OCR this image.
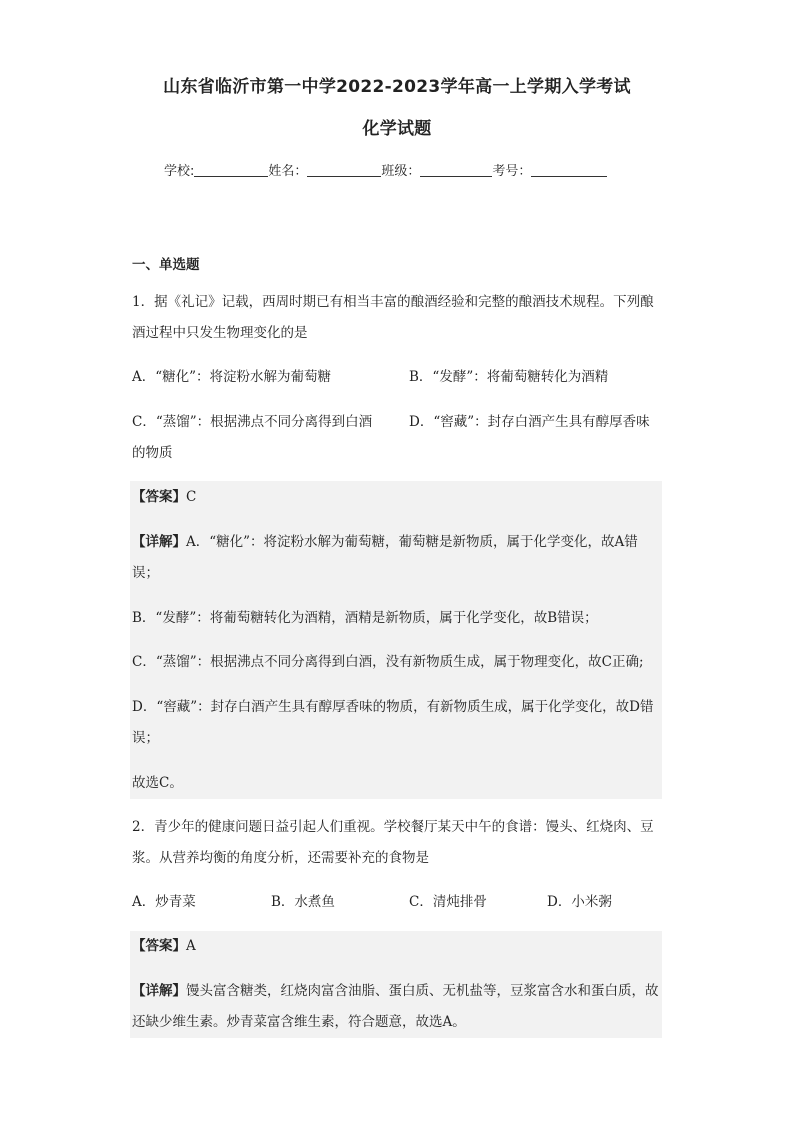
山东省临沂市第一中学2022-2023学年高一上学期入学考试
化学试题
学校:	姓名：	班级：	考号：
一、单选题

1．据《礼记》记载，西周时期已有相当丰富的酿酒经验和完整的酿酒技术规程。下列酿酒过程中只发生物理变化的是

A．“糖化”：将淀粉水解为葡萄糖	B．“发酵”：将葡萄糖转化为酒精
C．“蒸馏”：根据沸点不同分离得到白酒	D．“窖藏”：封存白酒产生具有醇厚香味的物质

【答案】C

【详解】A．“糖化”：将淀粉水解为葡萄糖，葡萄糖是新物质，属于化学变化，故A错误；

B．“发酵”：将葡萄糖转化为酒精，酒精是新物质，属于化学变化，故B错误；

C．“蒸馏”：根据沸点不同分离得到白酒，没有新物质生成，属于物理变化，故C正确;

D．“窖藏”：封存白酒产生具有醇厚香味的物质，有新物质生成，属于化学变化，故D错误；

故选C。

2．青少年的健康问题日益引起人们重视。学校餐厅某天中午的食谱：馒头、红烧肉、豆浆。从营养均衡的角度分析，还需要补充的食物是

A．炒青菜	B．水煮鱼	C．清炖排骨	D．小米粥
【答案】A

【详解】馒头富含糖类，红烧肉富含油脂、蛋白质、无机盐等，豆浆富含水和蛋白质，故还缺少维生素。炒青菜富含维生素，符合题意，故选A。
